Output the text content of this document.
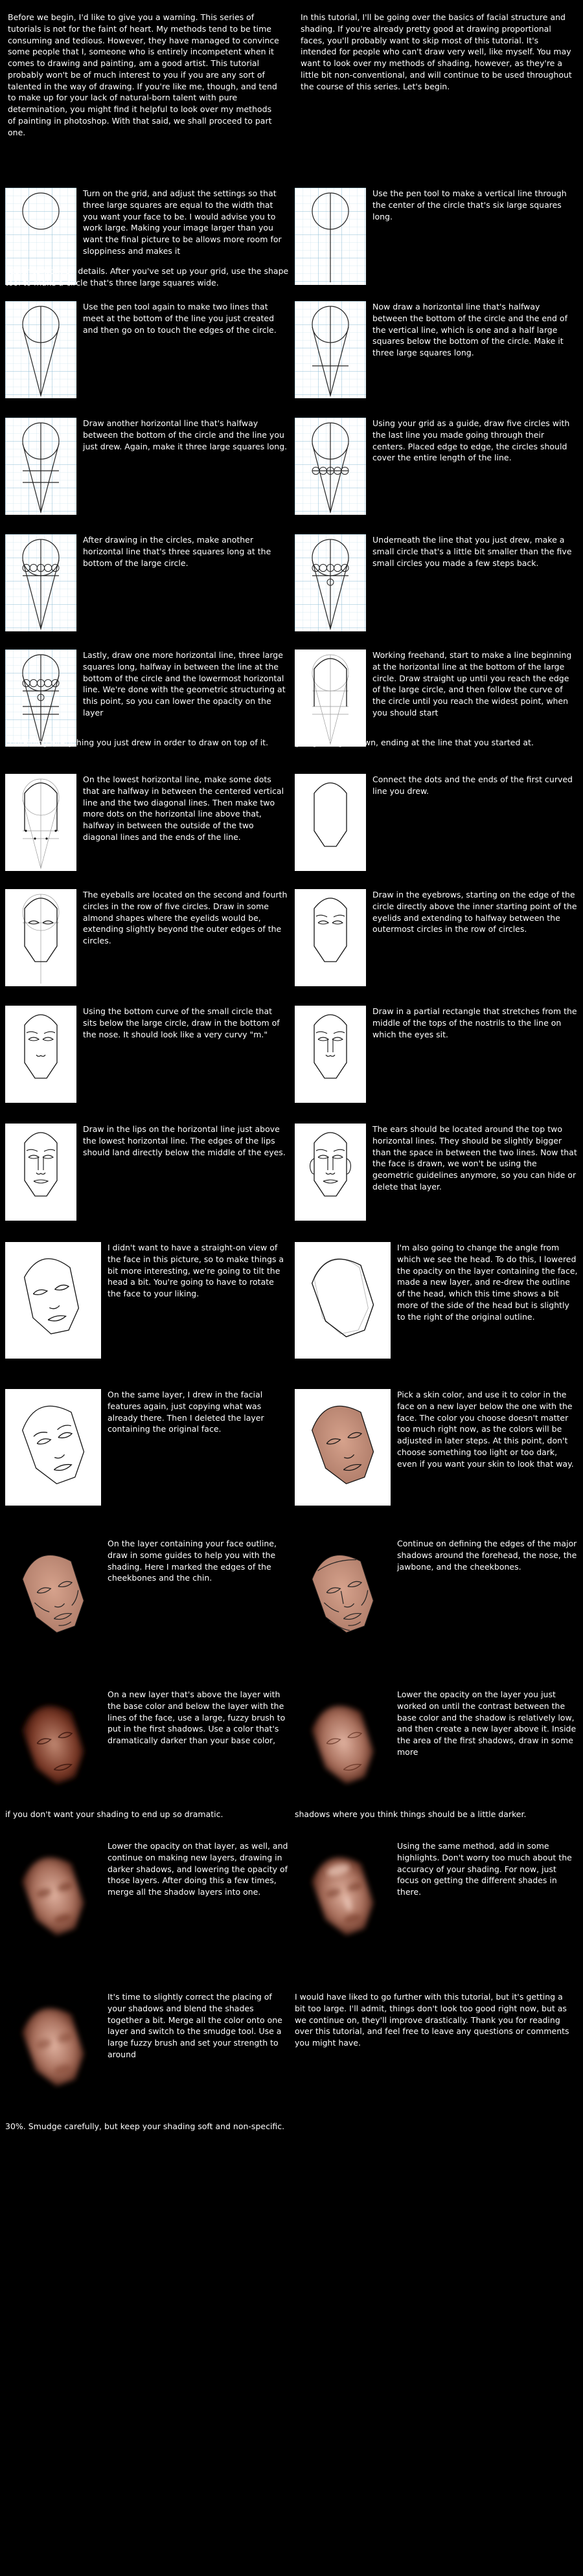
Before we begin, I'd like to give you a warning. This series of tutorials is not for the faint of heart. My methods tend to be time consuming and tedious. However, they have managed to convince some people that I, someone who is entirely incompetent when it comes to drawing and painting, am a good artist. This tutorial probably won't be of much interest to you if you are any sort of talented in the way of drawing. If you're like me, though, and tend to make up for your lack of natural-born talent with pure determination, you might find it helpful to look over my methods of painting in photoshop. With that said, we shall proceed to part one.

In this tutorial, I'll be going over the basics of facial structure and shading. If you're already pretty good at drawing proportional faces, you'll probably want to skip most of this tutorial. It's intended for people who can't draw very well, like myself. You may want to look over my methods of shading, however, as they're a little bit non-conventional, and will continue to be used throughout the course of this series. Let's begin.

Turn on the grid, and adjust the settings so that three large squares are equal to the width that you want your face to be. I would advise you to work large. Making your image larger than you want the final picture to be allows more room for sloppiness and makes it

easier to work on details. After you've set up your grid, use the shape tool to make a circle that's three large squares wide.

Use the pen tool to make a vertical line through the center of the circle that's six large squares long.

Use the pen tool again to make two lines that meet at the bottom of the line you just created and then go on to touch the edges of the circle.

Now draw a horizontal line that's halfway between the bottom of the circle and the end of the vertical line, which is one and a half large squares below the bottom of the circle. Make it three large squares long.

Draw another horizontal line that's halfway between the bottom of the circle and the line you just drew. Again, make it three large squares long.

Using your grid as a guide, draw five circles with the last line you made going through their centers. Placed edge to edge, the circles should cover the entire length of the line.

After drawing in the circles, make another horizontal line that's three squares long at the bottom of the large circle.

Underneath the line that you just drew, make a small circle that's a little bit smaller than the five small circles you made a few steps back.

Lastly, draw one more horizontal line, three large squares long, halfway in between the line at the bottom of the circle and the lowermost horizontal line. We're done with the geometric structuring at this point, so you can lower the opacity on the layer

containing everything you just drew in order to draw on top of it.

Working freehand, start to make a line beginning at the horizontal line at the bottom of the large circle. Draw straight up until you reach the edge of the large circle, and then follow the curve of the circle until you reach the widest point, when you should start

going straight down, ending at the line that you started at.

On the lowest horizontal line, make some dots that are halfway in between the centered vertical line and the two diagonal lines. Then make two more dots on the horizontal line above that, halfway in between the outside of the two diagonal lines and the ends of the line.

Connect the dots and the ends of the first curved line you drew.

The eyeballs are located on the second and fourth circles in the row of five circles. Draw in some almond shapes where the eyelids would be, extending slightly beyond the outer edges of the circles.

Draw in the eyebrows, starting on the edge of the circle directly above the inner starting point of the eyelids and extending to halfway between the outermost circles in the row of circles.

Using the bottom curve of the small circle that sits below the large circle, draw in the bottom of the nose. It should look like a very curvy "m."

Draw in a partial rectangle that stretches from the middle of the tops of the nostrils to the line on which the eyes sit.

Draw in the lips on the horizontal line just above the lowest horizontal line. The edges of the lips should land directly below the middle of the eyes.

The ears should be located around the top two horizontal lines. They should be slightly bigger than the space in between the two lines. Now that the face is drawn, we won't be using the geometric guidelines anymore, so you can hide or delete that layer.

I didn't want to have a straight-on view of the face in this picture, so to make things a bit more interesting, we're going to tilt the head a bit. You're going to have to rotate the face to your liking.

I'm also going to change the angle from which we see the head. To do this, I lowered the opacity on the layer containing the face, made a new layer, and re-drew the outline of the head, which this time shows a bit more of the side of the head but is slightly to the right of the original outline.

On the same layer, I drew in the facial features again, just copying what was already there. Then I deleted the layer containing the original face.

Pick a skin color, and use it to color in the face on a new layer below the one with the face. The color you choose doesn't matter too much right now, as the colors will be adjusted in later steps. At this point, don't choose something too light or too dark, even if you want your skin to look that way.

On the layer containing your face outline, draw in some guides to help you with the shading. Here I marked the edges of the cheekbones and the chin.

Continue on defining the edges of the major shadows around the forehead, the nose, the jawbone, and the cheekbones.

On a new layer that's above the layer with the base color and below the layer with the lines of the face, use a large, fuzzy brush to put in the first shadows. Use a color that's dramatically darker than your base color,

if you don't want your shading to end up so dramatic.

Lower the opacity on the layer you just worked on until the contrast between the base color and the shadow is relatively low, and then create a new layer above it. Inside the area of the first shadows, draw in some more

shadows where you think things should be a little darker.

Lower the opacity on that layer, as well, and continue on making new layers, drawing in darker shadows, and lowering the opacity of those layers. After doing this a few times, merge all the shadow layers into one.

Using the same method, add in some highlights. Don't worry too much about the accuracy of your shading. For now, just focus on getting the different shades in there.

It's time to slightly correct the placing of your shadows and blend the shades together a bit. Merge all the color onto one layer and switch to the smudge tool. Use a large fuzzy brush and set your strength to around

30%. Smudge carefully, but keep your shading soft and non-specific.

I would have liked to go further with this tutorial, but it's getting a bit too large. I'll admit, things don't look too good right now, but as we continue on, they'll improve drastically. Thank you for reading over this tutorial, and feel free to leave any questions or comments you might have.
